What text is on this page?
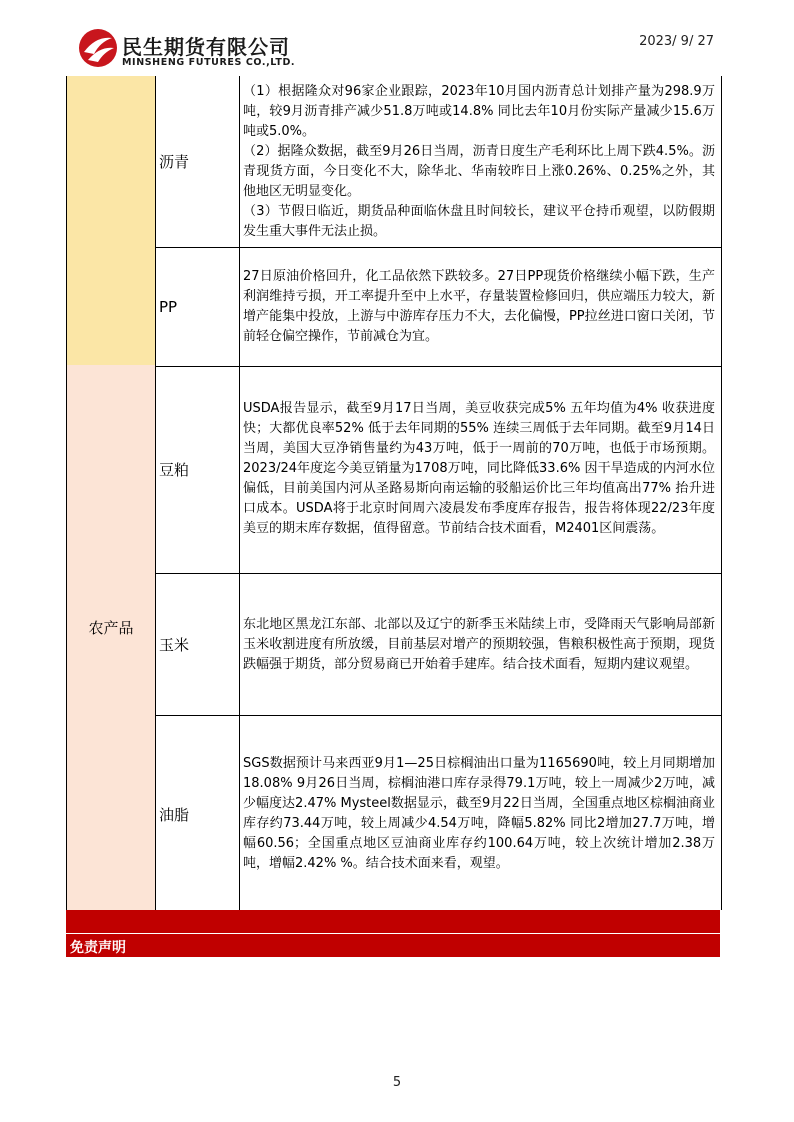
民生期货有限公司
MINSHENG FUTURES CO.,LTD.
2023/ 9/ 27
沥青

（1）根据隆众对96家企业跟踪，2023年10月国内沥青总计划排产量为298.9万吨，较9月沥青排产减少51.8万吨或14.8% 同比去年10月份实际产量减少15.6万吨或5.0%。

（2）据隆众数据，截至9月26日当周，沥青日度生产毛利环比上周下跌4.5%。沥青现货方面，今日变化不大，除华北、华南较昨日上涨0.26%、0.25%之外，其他地区无明显变化。

（3）节假日临近，期货品种面临休盘且时间较长，建议平仓持币观望，以防假期发生重大事件无法止损。

PP

27日原油价格回升，化工品依然下跌较多。27日PP现货价格继续小幅下跌，生产利润维持亏损，开工率提升至中上水平，存量装置检修回归，供应端压力较大，新增产能集中投放，上游与中游库存压力不大，去化偏慢，PP拉丝进口窗口关闭，节前轻仓偏空操作，节前减仓为宜。

农产品
豆粕

USDA报告显示，截至9月17日当周，美豆收获完成5% 五年均值为4% 收获进度快；大都优良率52% 低于去年同期的55% 连续三周低于去年同期。截至9月14日当周，美国大豆净销售量约为43万吨，低于一周前的70万吨，也低于市场预期。2023/24年度迄今美豆销量为1708万吨，同比降低33.6% 因干旱造成的内河水位偏低，目前美国内河从圣路易斯向南运输的驳船运价比三年均值高出77% 抬升进口成本。USDA将于北京时间周六凌晨发布季度库存报告，报告将体现22/23年度美豆的期末库存数据，值得留意。节前结合技术面看，M2401区间震荡。

玉米

东北地区黑龙江东部、北部以及辽宁的新季玉米陆续上市，受降雨天气影响局部新玉米收割进度有所放缓，目前基层对增产的预期较强，售粮积极性高于预期，现货跌幅强于期货，部分贸易商已开始着手建库。结合技术面看，短期内建议观望。

油脂

SGS数据预计马来西亚9月1—25日棕榈油出口量为1165690吨，较上月同期增加18.08% 9月26日当周，棕榈油港口库存录得79.1万吨，较上一周减少2万吨，减少幅度达2.47% Mysteel数据显示，截至9月22日当周，全国重点地区棕榈油商业库存约73.44万吨，较上周减少4.54万吨，降幅5.82% 同比2增加27.7万吨，增幅60.56；全国重点地区豆油商业库存约100.64万吨，较上次统计增加2.38万吨，增幅2.42% %。结合技术面来看，观望。

免责声明
5
